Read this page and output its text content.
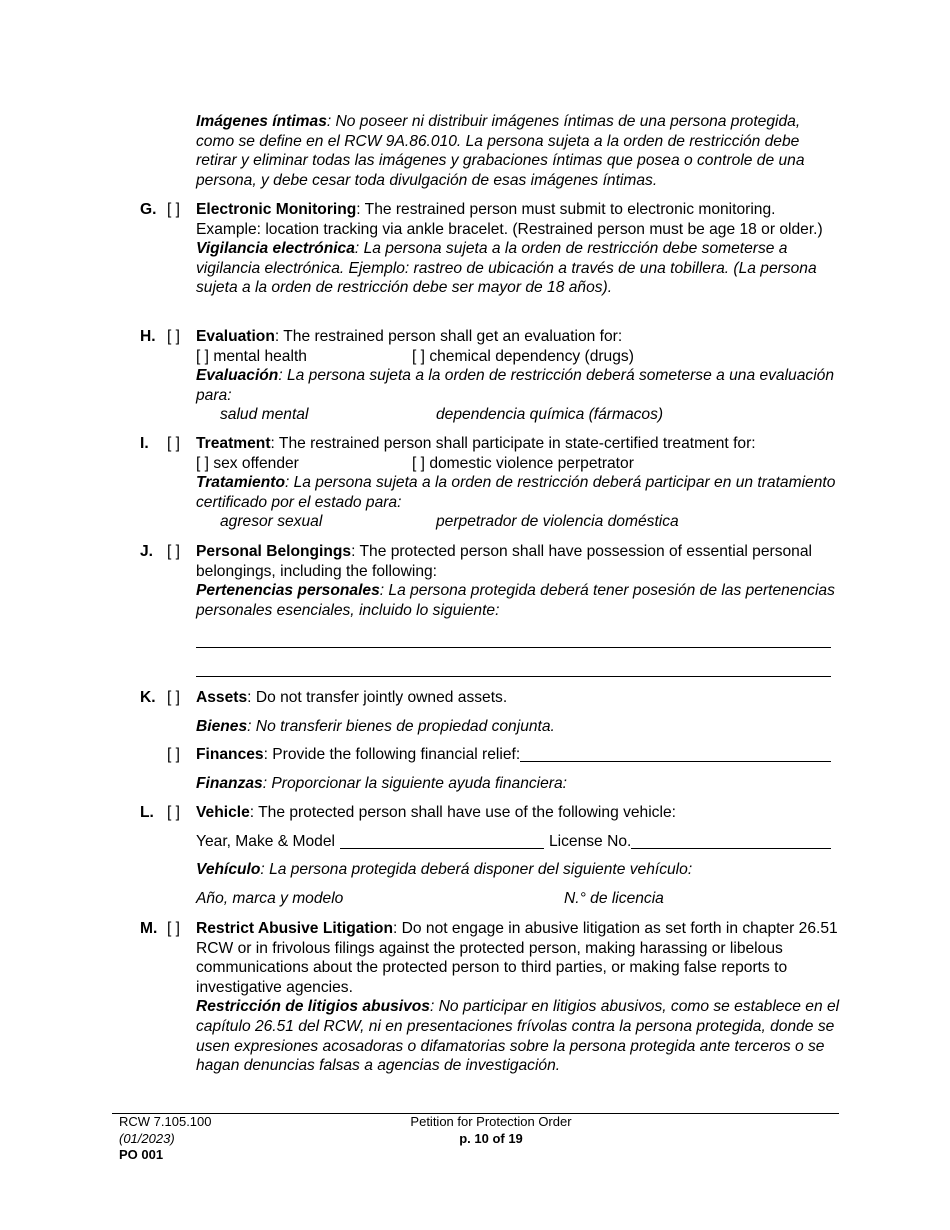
Imágenes íntimas: No poseer ni distribuir imágenes íntimas de una persona protegida, como se define en el RCW 9A.86.010. La persona sujeta a la orden de restricción debe retirar y eliminar todas las imágenes y grabaciones íntimas que posea o controle de una persona, y debe cesar toda divulgación de esas imágenes íntimas.
G. [ ] Electronic Monitoring: The restrained person must submit to electronic monitoring. Example: location tracking via ankle bracelet. (Restrained person must be age 18 or older.)
Vigilancia electrónica: La persona sujeta a la orden de restricción debe someterse a vigilancia electrónica. Ejemplo: rastreo de ubicación a través de una tobillera. (La persona sujeta a la orden de restricción debe ser mayor de 18 años).
H. [ ] Evaluation: The restrained person shall get an evaluation for:
[ ] mental health	[ ] chemical dependency (drugs)
Evaluación: La persona sujeta a la orden de restricción deberá someterse a una evaluación para:
salud mental	dependencia química (fármacos)
I. [ ] Treatment: The restrained person shall participate in state-certified treatment for:
[ ] sex offender	[ ] domestic violence perpetrator
Tratamiento: La persona sujeta a la orden de restricción deberá participar en un tratamiento certificado por el estado para:
agresor sexual	perpetrador de violencia doméstica
J. [ ] Personal Belongings: The protected person shall have possession of essential personal belongings, including the following:
Pertenencias personales: La persona protegida deberá tener posesión de las pertenencias personales esenciales, incluido lo siguiente:
K. [ ] Assets: Do not transfer jointly owned assets.
Bienes: No transferir bienes de propiedad conjunta.
[ ] Finances: Provide the following financial relief:
Finanzas: Proporcionar la siguiente ayuda financiera:
L. [ ] Vehicle: The protected person shall have use of the following vehicle:
Year, Make & Model	License No.
Vehículo: La persona protegida deberá disponer del siguiente vehículo:
Año, marca y modelo	N.° de licencia
M. [ ] Restrict Abusive Litigation: Do not engage in abusive litigation as set forth in chapter 26.51 RCW or in frivolous filings against the protected person, making harassing or libelous communications about the protected person to third parties, or making false reports to investigative agencies.
Restricción de litigios abusivos: No participar en litigios abusivos, como se establece en el capítulo 26.51 del RCW, ni en presentaciones frívolas contra la persona protegida, donde se usen expresiones acosadoras o difamatorias sobre la persona protegida ante terceros o se hagan denuncias falsas a agencias de investigación.
RCW 7.105.100
(01/2023)
PO 001
Petition for Protection Order
p. 10 of 19
